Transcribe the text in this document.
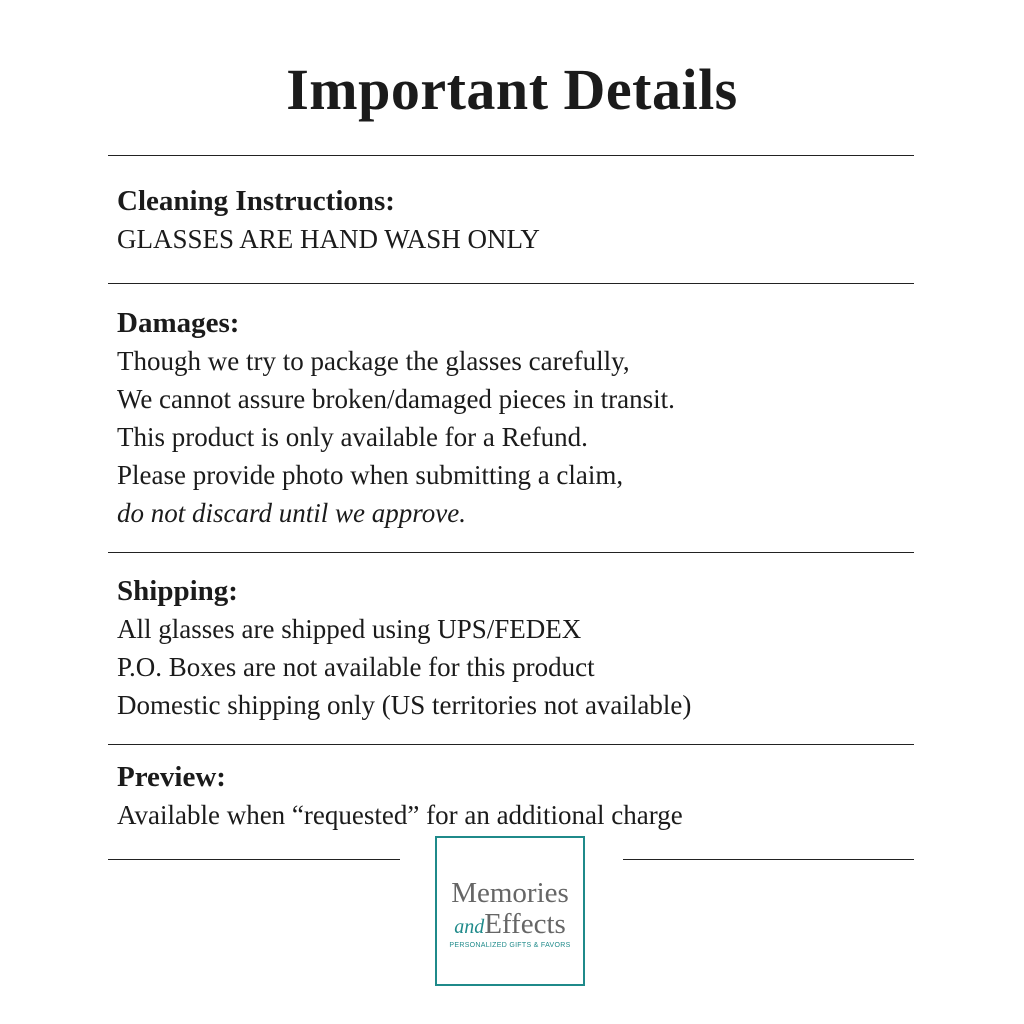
Important Details
Cleaning Instructions:
GLASSES ARE HAND WASH ONLY
Damages:
Though we try to package the glasses carefully,
We cannot assure broken/damaged pieces in transit.
This product is only available for a Refund.
Please provide photo when submitting a claim,
do not discard until we approve.
Shipping:
All glasses are shipped using UPS/FEDEX
P.O. Boxes are not available for this product
Domestic shipping only (US territories not available)
Preview:
Available when “requested” for an additional charge
Memories
andEffects
PERSONALIZED GIFTS & FAVORS
